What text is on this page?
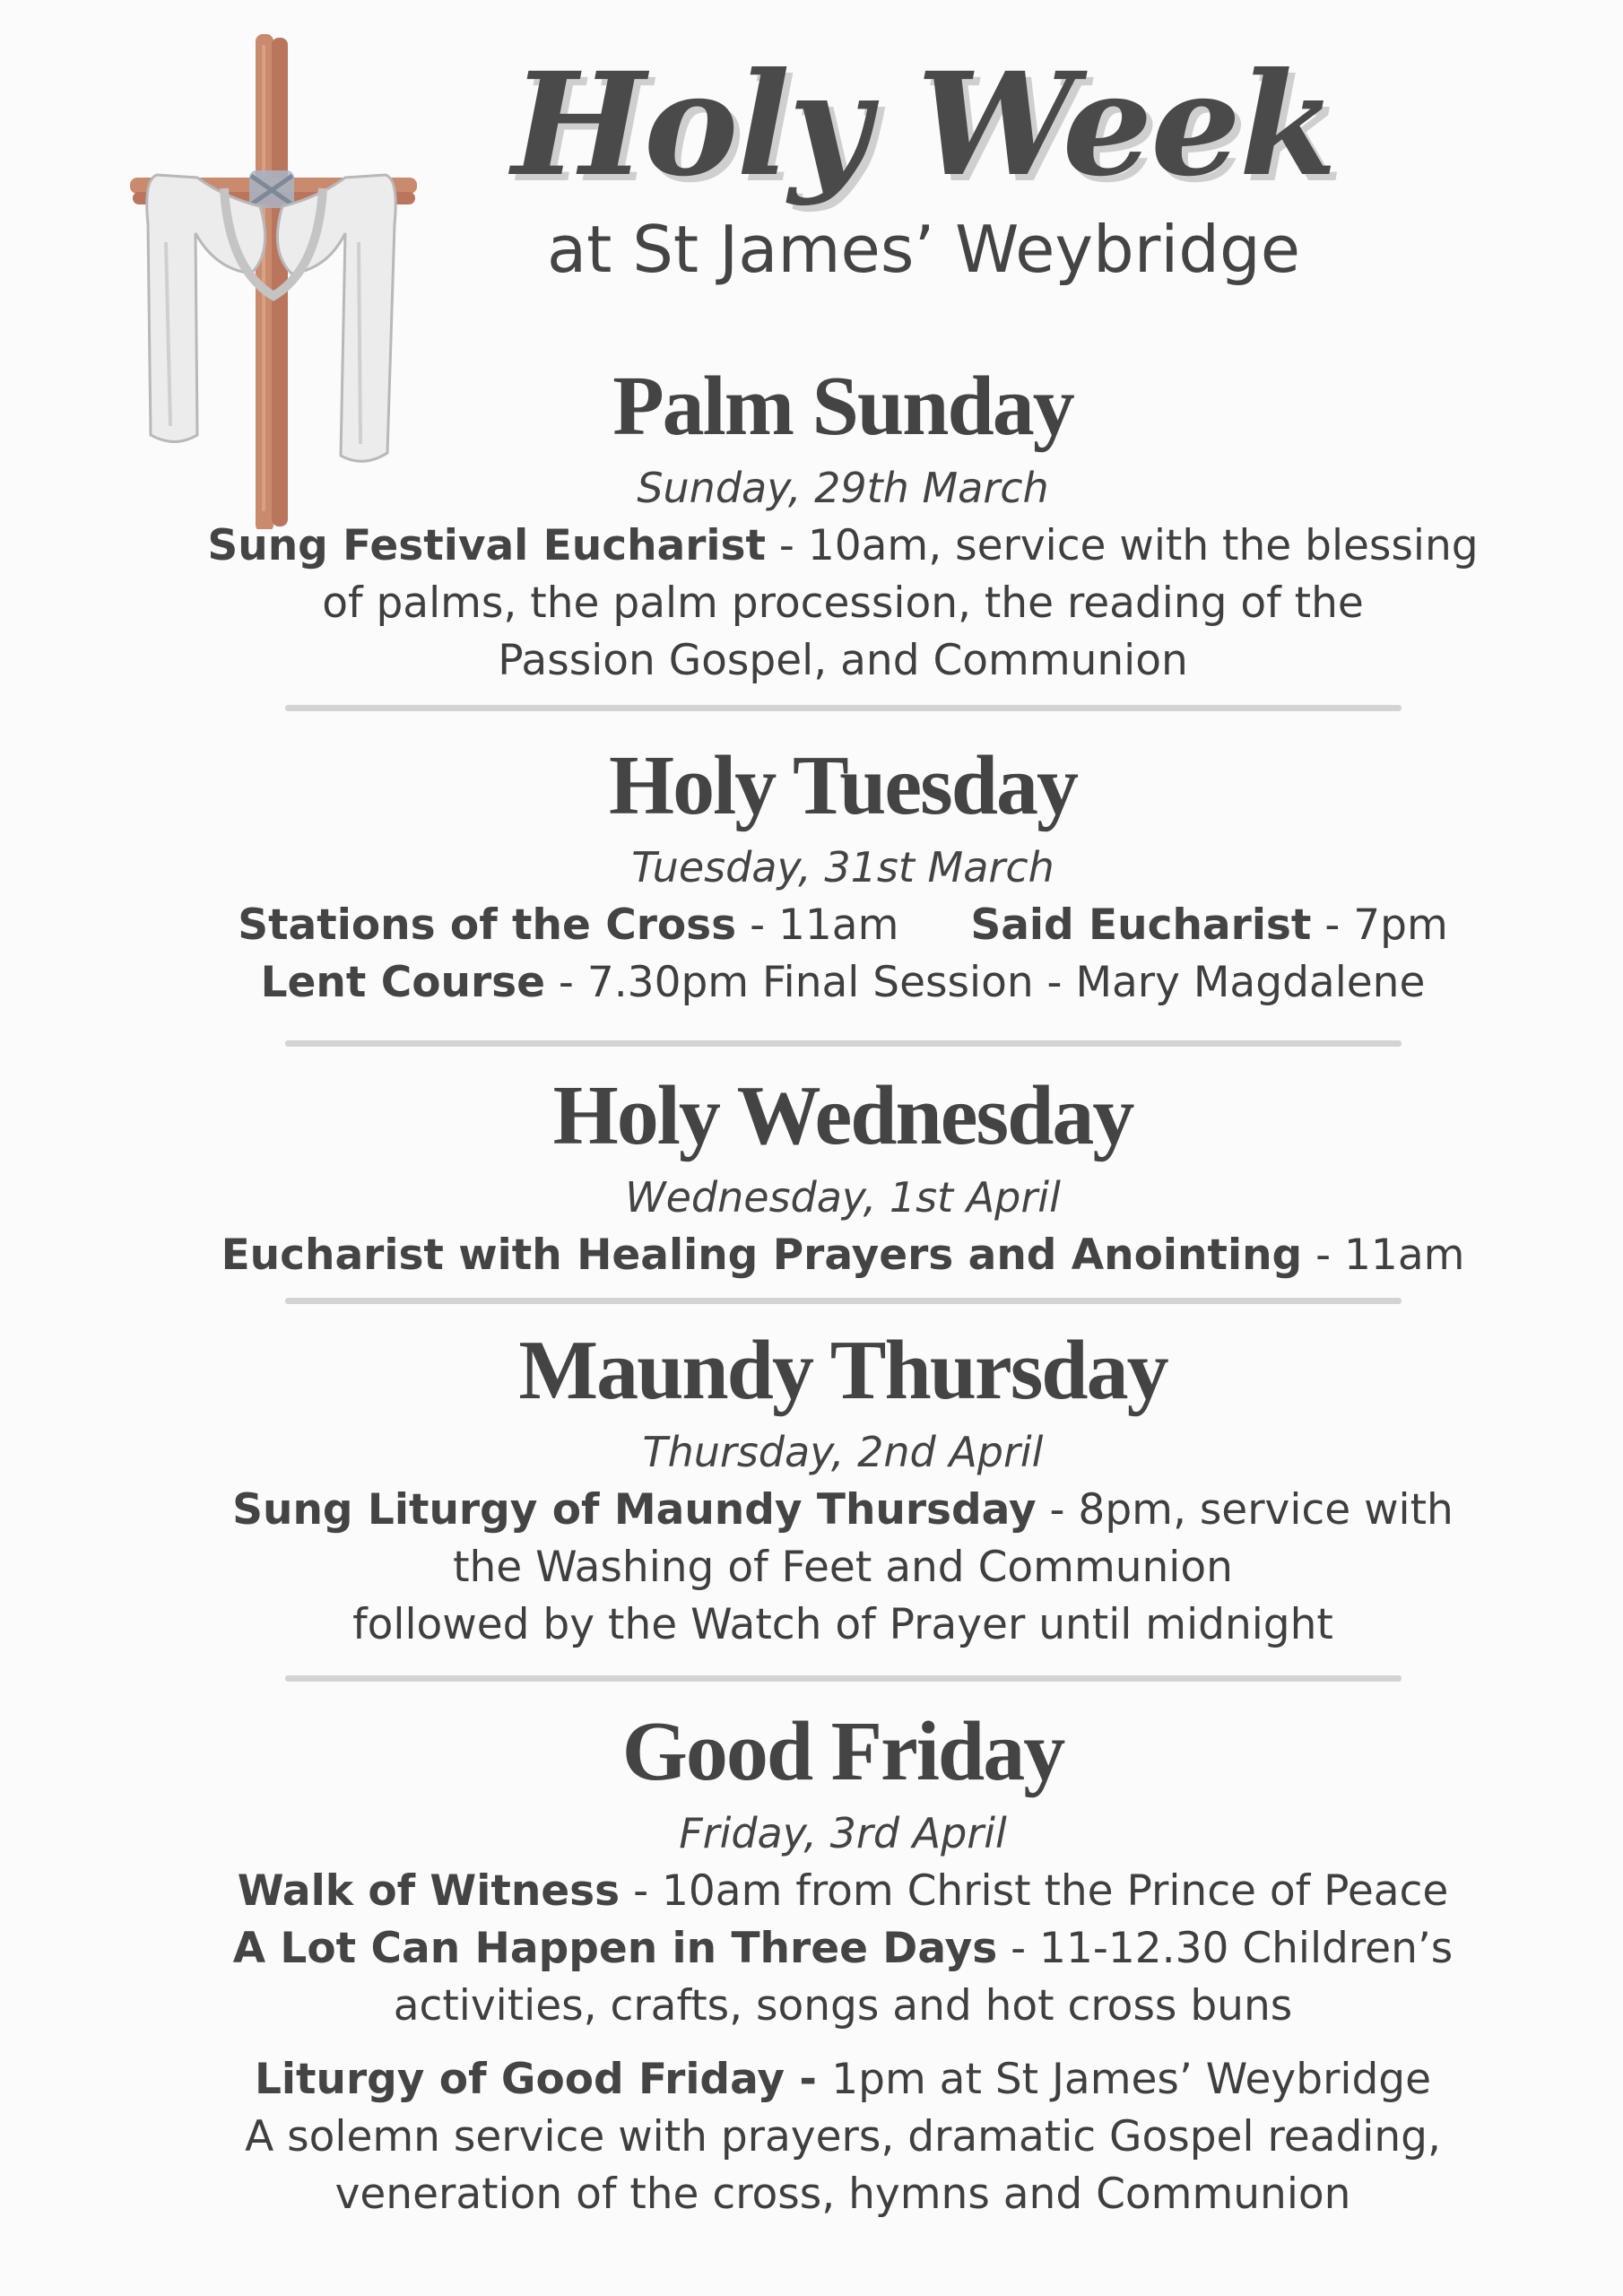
Holy Week
at St James’ Weybridge
Palm Sunday
Sunday, 29th March
Sung Festival Eucharist - 10am, service with the blessing
of palms, the palm procession, the reading of the
Passion Gospel, and Communion
Holy Tuesday
Tuesday, 31st March
Stations of the Cross - 11am Said Eucharist - 7pm
Lent Course - 7.30pm Final Session - Mary Magdalene
Holy Wednesday
Wednesday, 1st April
Eucharist with Healing Prayers and Anointing - 11am
Maundy Thursday
Thursday, 2nd April
Sung Liturgy of Maundy Thursday - 8pm, service with
the Washing of Feet and Communion
followed by the Watch of Prayer until midnight
Good Friday
Friday, 3rd April
Walk of Witness - 10am from Christ the Prince of Peace
A Lot Can Happen in Three Days - 11-12.30 Children’s
activities, crafts, songs and hot cross buns
Liturgy of Good Friday - 1pm at St James’ Weybridge
A solemn service with prayers, dramatic Gospel reading,
veneration of the cross, hymns and Communion
